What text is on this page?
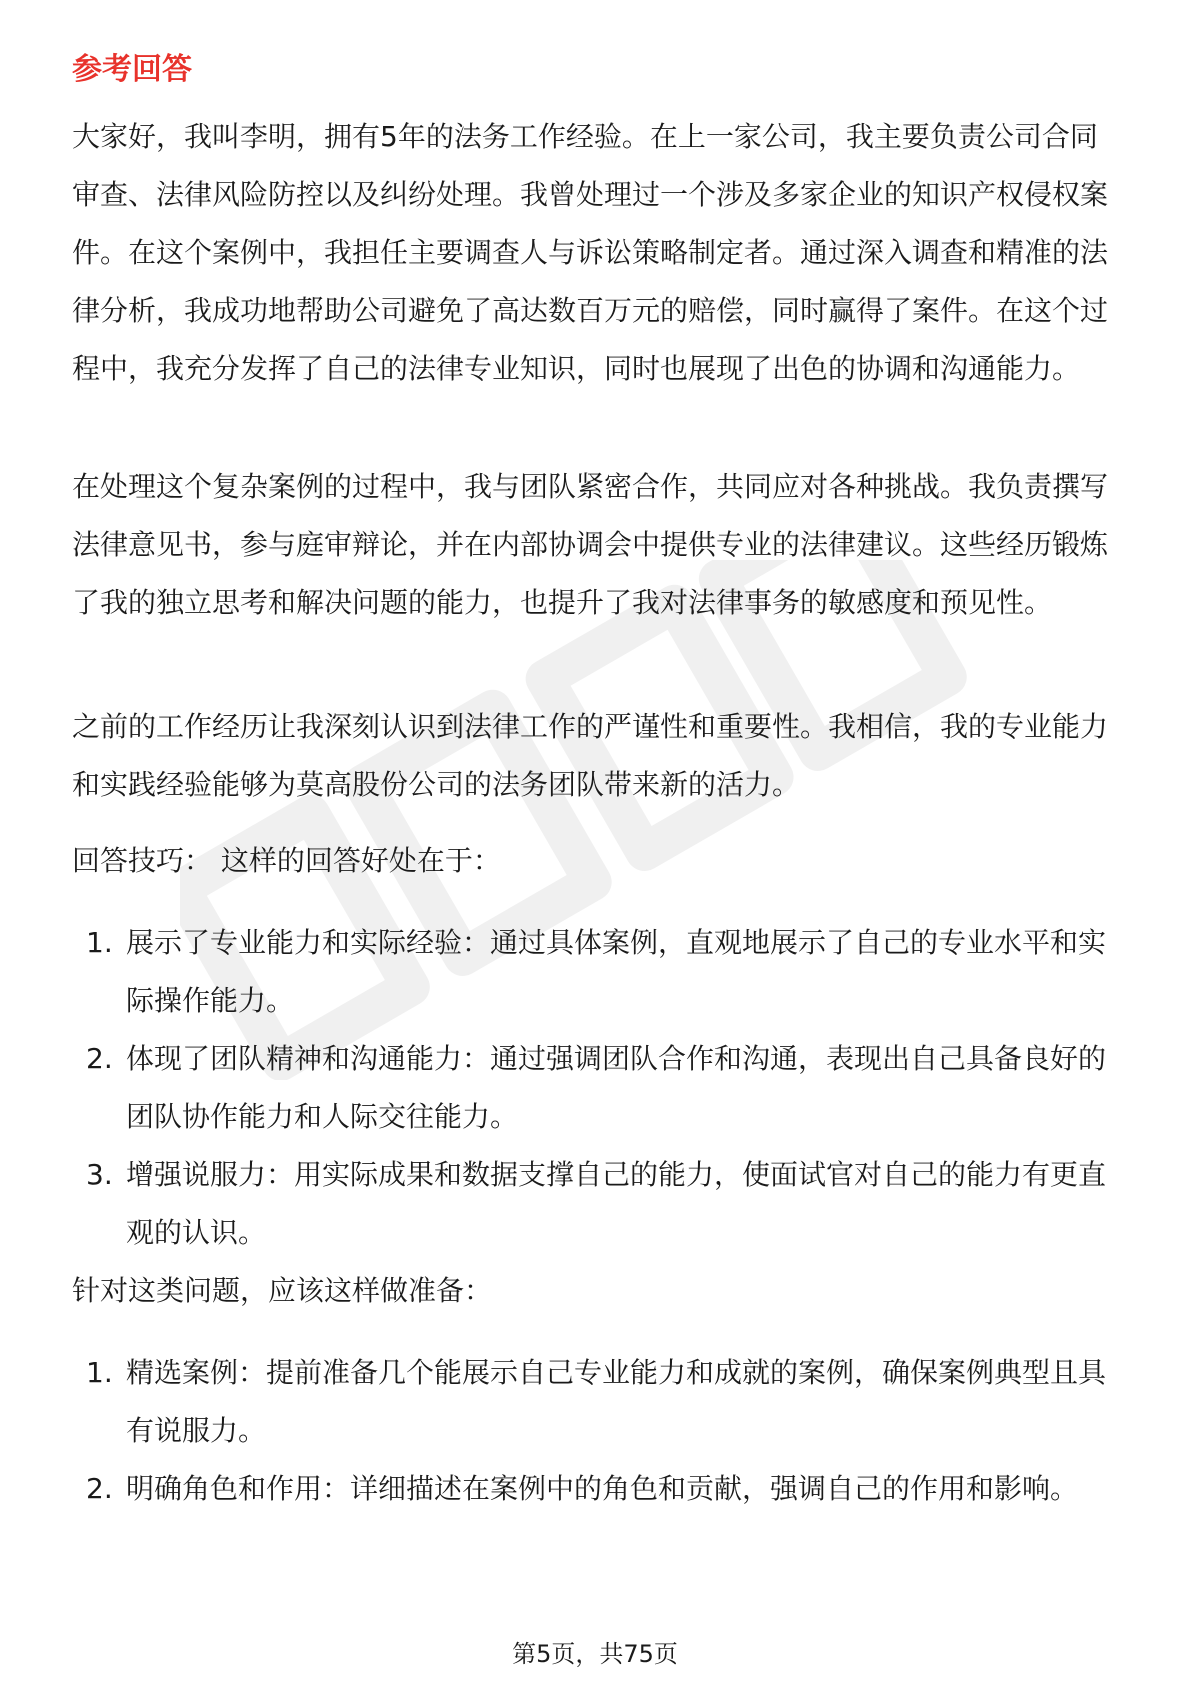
参考回答

大家好，我叫李明，拥有5年的法务工作经验。在上一家公司，我主要负责公司合同审查、法律风险防控以及纠纷处理。我曾处理过一个涉及多家企业的知识产权侵权案件。在这个案例中，我担任主要调查人与诉讼策略制定者。通过深入调查和精准的法律分析，我成功地帮助公司避免了高达数百万元的赔偿，同时赢得了案件。在这个过程中，我充分发挥了自己的法律专业知识，同时也展现了出色的协调和沟通能力。

在处理这个复杂案例的过程中，我与团队紧密合作，共同应对各种挑战。我负责撰写法律意见书，参与庭审辩论，并在内部协调会中提供专业的法律建议。这些经历锻炼了我的独立思考和解决问题的能力，也提升了我对法律事务的敏感度和预见性。

之前的工作经历让我深刻认识到法律工作的严谨性和重要性。我相信，我的专业能力和实践经验能够为莫高股份公司的法务团队带来新的活力。

回答技巧： 这样的回答好处在于：

1. 展示了专业能力和实际经验：通过具体案例，直观地展示了自己的专业水平和实际操作能力。
2. 体现了团队精神和沟通能力：通过强调团队合作和沟通，表现出自己具备良好的团队协作能力和人际交往能力。
3. 增强说服力：用实际成果和数据支撑自己的能力，使面试官对自己的能力有更直观的认识。

针对这类问题，应该这样做准备：

1. 精选案例：提前准备几个能展示自己专业能力和成就的案例，确保案例典型且具有说服力。
2. 明确角色和作用：详细描述在案例中的角色和贡献，强调自己的作用和影响。
第5页，共75页
